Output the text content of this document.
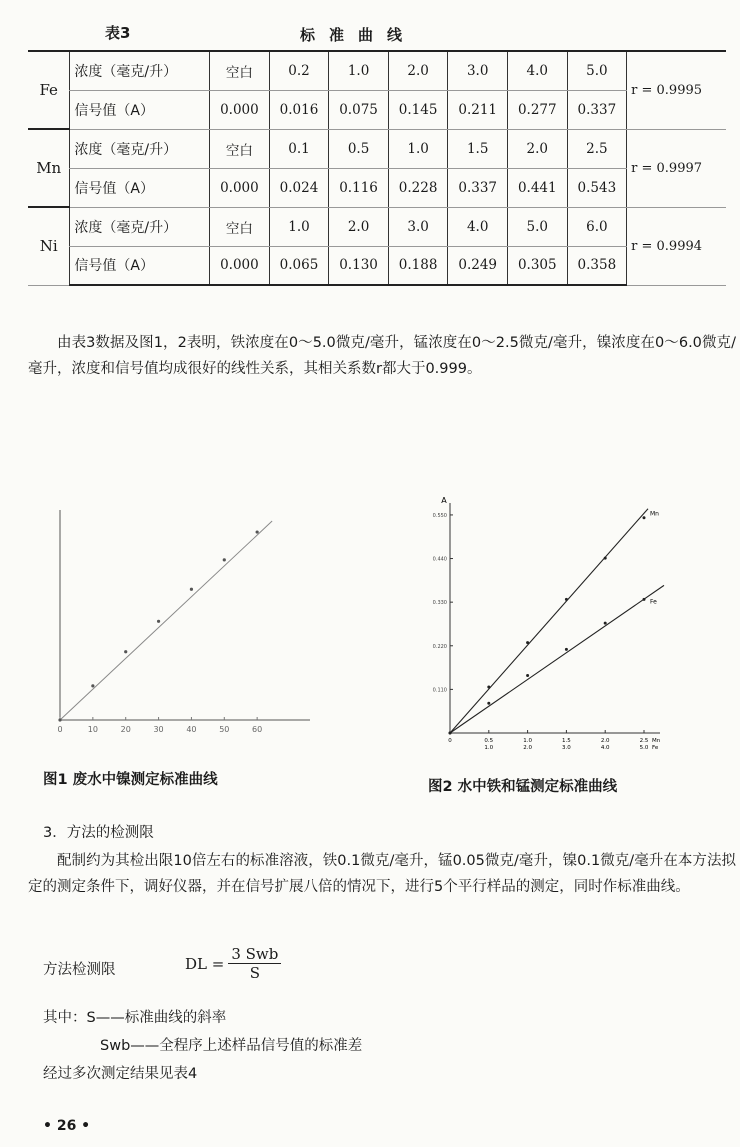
表3	标准曲线
Fe	浓度（毫克/升）	空白	0.2	1.0	2.0	3.0	4.0	5.0	r = 0.9995
	信号值（A）	0.000	0.016	0.075	0.145	0.211	0.277	0.337	
Mn	浓度（毫克/升）	空白	0.1	0.5	1.0	1.5	2.0	2.5	r = 0.9997
	信号值（A）	0.000	0.024	0.116	0.228	0.337	0.441	0.543	
Ni	浓度（毫克/升）	空白	1.0	2.0	3.0	4.0	5.0	6.0	r = 0.9994
	信号值（A）	0.000	0.065	0.130	0.188	0.249	0.305	0.358	
由表3数据及图1，2表明，铁浓度在0～5.0微克/毫升，锰浓度在0～2.5微克/毫升，镍浓度在0～6.0微克/毫升，浓度和信号值均成很好的线性关系，其相关系数r都大于0.999。
0	10	20	30	40	50	60
图1 废水中镍测定标准曲线
A
0.110
0.220
0.330
0.440
0.550
0	0.5
1.0
1.0
2.0
1.5
3.0
2.0
4.0
2.5
5.0
Mn
Fe
Mn
Fe
图2 水中铁和锰测定标准曲线
3．方法的检测限
配制约为其检出限10倍左右的标准溶液，铁0.1微克/毫升，锰0.05微克/毫升，镍0.1微克/毫升在本方法拟定的测定条件下，调好仪器，并在信号扩展八倍的情况下，进行5个平行样品的测定，同时作标准曲线。
方法检测限	DL = $\frac{\text{3 Swb}}{S}$
其中：S——标准曲线的斜率
Swb——全程序上述样品信号值的标准差
经过多次测定结果见表4
• 26 •
